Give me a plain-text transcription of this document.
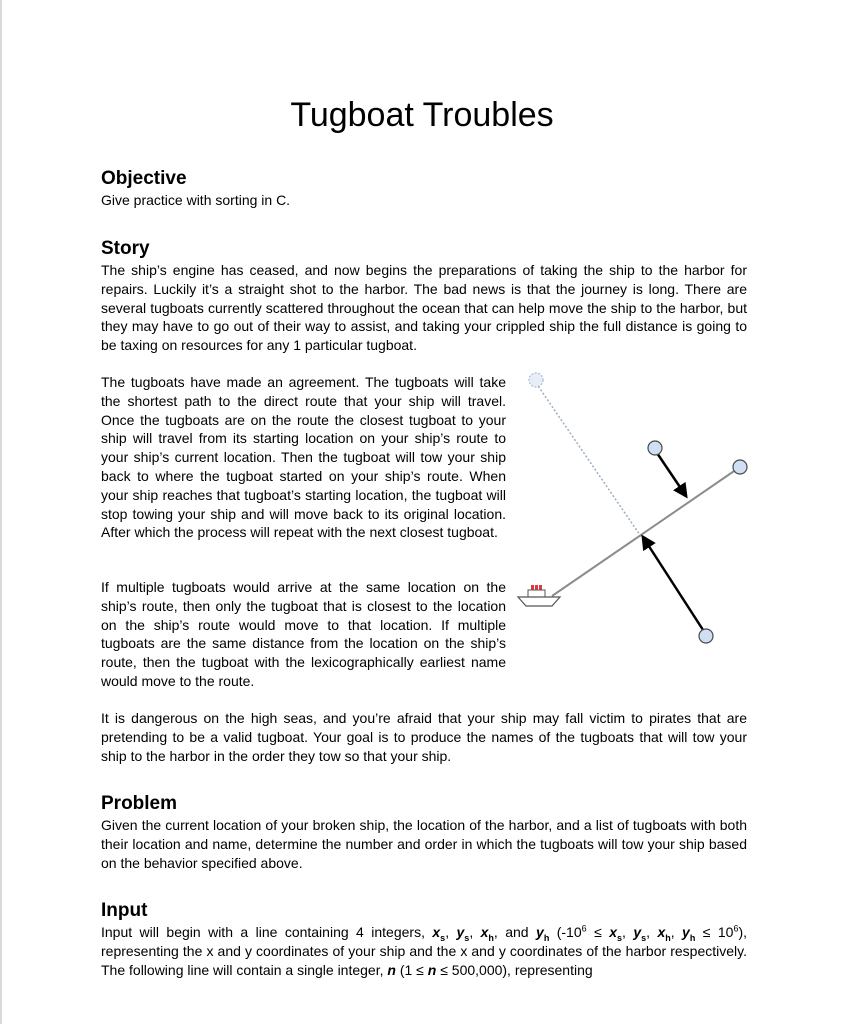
Tugboat Troubles
Objective
Give practice with sorting in C.
Story
The ship’s engine has ceased, and now begins the preparations of taking the ship to the harbor for repairs. Luckily it’s a straight shot to the harbor. The bad news is that the journey is long. There are several tugboats currently scattered throughout the ocean that can help move the ship to the harbor, but they may have to go out of their way to assist, and taking your crippled ship the full distance is going to be taxing on resources for any 1 particular tugboat.
The tugboats have made an agreement. The tugboats will take the shortest path to the direct route that your ship will travel. Once the tugboats are on the route the closest tugboat to your ship will travel from its starting location on your ship’s route to your ship’s current location. Then the tugboat will tow your ship back to where the tugboat started on your ship’s route. When your ship reaches that tugboat’s starting location, the tugboat will stop towing your ship and will move back to its original location. After which the process will repeat with the next closest tugboat.
If multiple tugboats would arrive at the same location on the ship’s route, then only the tugboat that is closest to the location on the ship’s route would move to that location. If multiple tugboats are the same distance from the location on the ship’s route, then the tugboat with the lexicographically earliest name would move to the route.
It is dangerous on the high seas, and you’re afraid that your ship may fall victim to pirates that are pretending to be a valid tugboat. Your goal is to produce the names of the tugboats that will tow your ship to the harbor in the order they tow so that your ship.
Problem
Given the current location of your broken ship, the location of the harbor, and a list of tugboats with both their location and name, determine the number and order in which the tugboats will tow your ship based on the behavior specified above.
Input
Input will begin with a line containing 4 integers, $x_s$, $y_s$, $x_h$, and $y_h$ ($-10^6 \le x_s$, $y_s$, $x_h$, $y_h \le 10^6$), representing the x and y coordinates of your ship and the x and y coordinates of the harbor respectively. The following line will contain a single integer, n (1 ≤ n ≤ 500,000), representing
